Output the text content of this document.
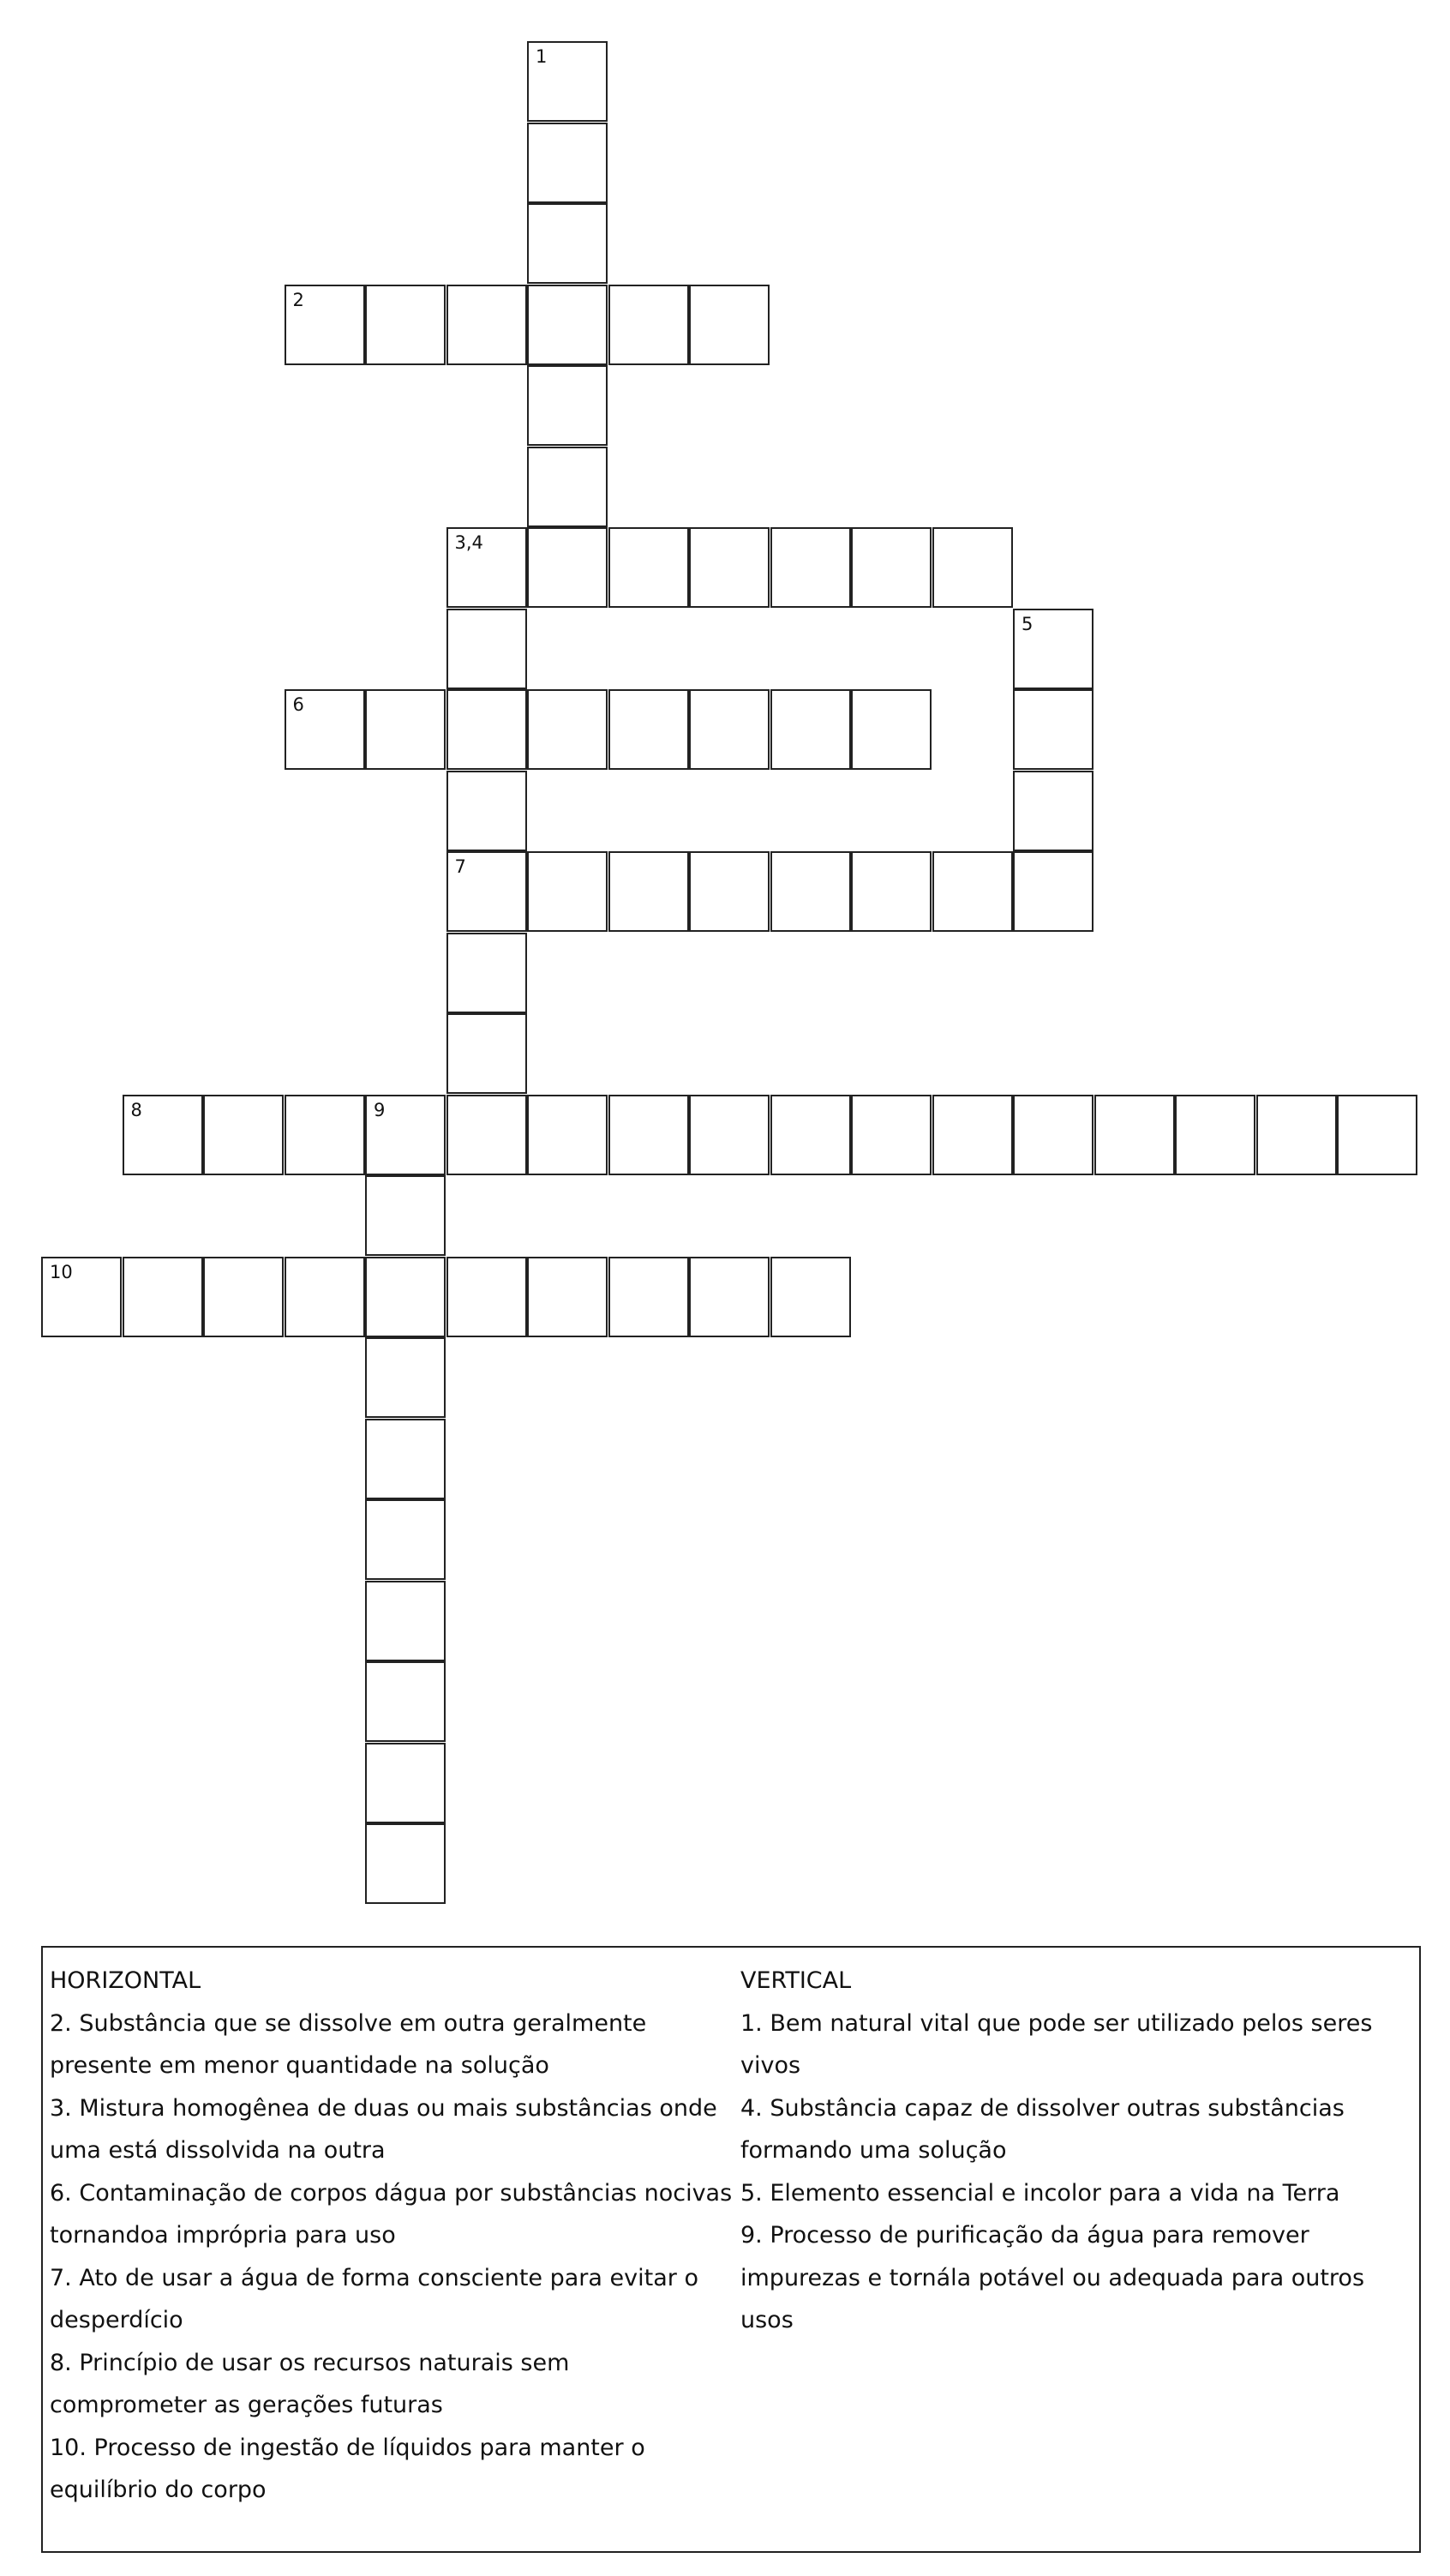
1
2
3,4
5
6
7
8	9
10
HORIZONTAL
2. Substância que se dissolve em outra geralmente
presente em menor quantidade na solução
3. Mistura homogênea de duas ou mais substâncias onde
uma está dissolvida na outra
6. Contaminação de corpos dágua por substâncias nocivas
tornandoa imprópria para uso
7. Ato de usar a água de forma consciente para evitar o
desperdício
8. Princípio de usar os recursos naturais sem
comprometer as gerações futuras
10. Processo de ingestão de líquidos para manter o
equilíbrio do corpo
VERTICAL
1. Bem natural vital que pode ser utilizado pelos seres
vivos
4. Substância capaz de dissolver outras substâncias
formando uma solução
5. Elemento essencial e incolor para a vida na Terra
9. Processo de purificação da água para remover
impurezas e tornála potável ou adequada para outros
usos
